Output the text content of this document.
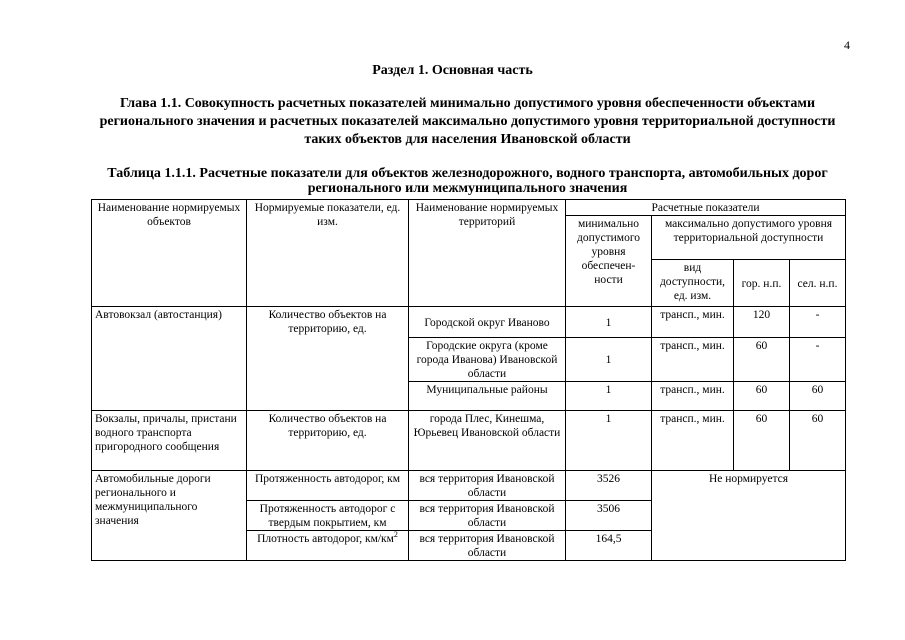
4
Раздел 1. Основная часть
Глава 1.1. Совокупность расчетных показателей минимально допустимого уровня обеспеченности объектами регионального значения и расчетных показателей максимально допустимого уровня территориальной доступности таких объектов для населения Ивановской области
Таблица 1.1.1. Расчетные показатели для объектов железнодорожного, водного транспорта, автомобильных дорог регионального или межмуниципального значения
Наименование нормируемых объектов	Нормируемые показатели, ед. изм.	Наименование нормируемых территорий	Расчетные показатели			
			минимально допустимого уровня обеспечен-ности	максимально допустимого уровня территориальной доступности		
				вид доступности, ед. изм.	гор. н.п.	сел. н.п.
Автовокзал (автостанция)	Количество объектов на территорию, ед.	Городской округ Иваново	1	трансп., мин.	120	-
		Городские округа (кроме города Иванова) Ивановской области	1	трансп., мин.	60	-
		Муниципальные районы	1	трансп., мин.	60	60
Вокзалы, причалы, пристани водного транспорта пригородного сообщения	Количество объектов на территорию, ед.	города Плес, Кинешма, Юрьевец Ивановской области	1	трансп., мин.	60	60
Автомобильные дороги регионального и межмуниципального значения	Протяженность автодорог, км	вся территория Ивановской области	3526	Не нормируется		
	Протяженность автодорог с твердым покрытием, км	вся территория Ивановской области	3506			
	Плотность автодорог, $км/км^2$	вся территория Ивановской области	164,5			
